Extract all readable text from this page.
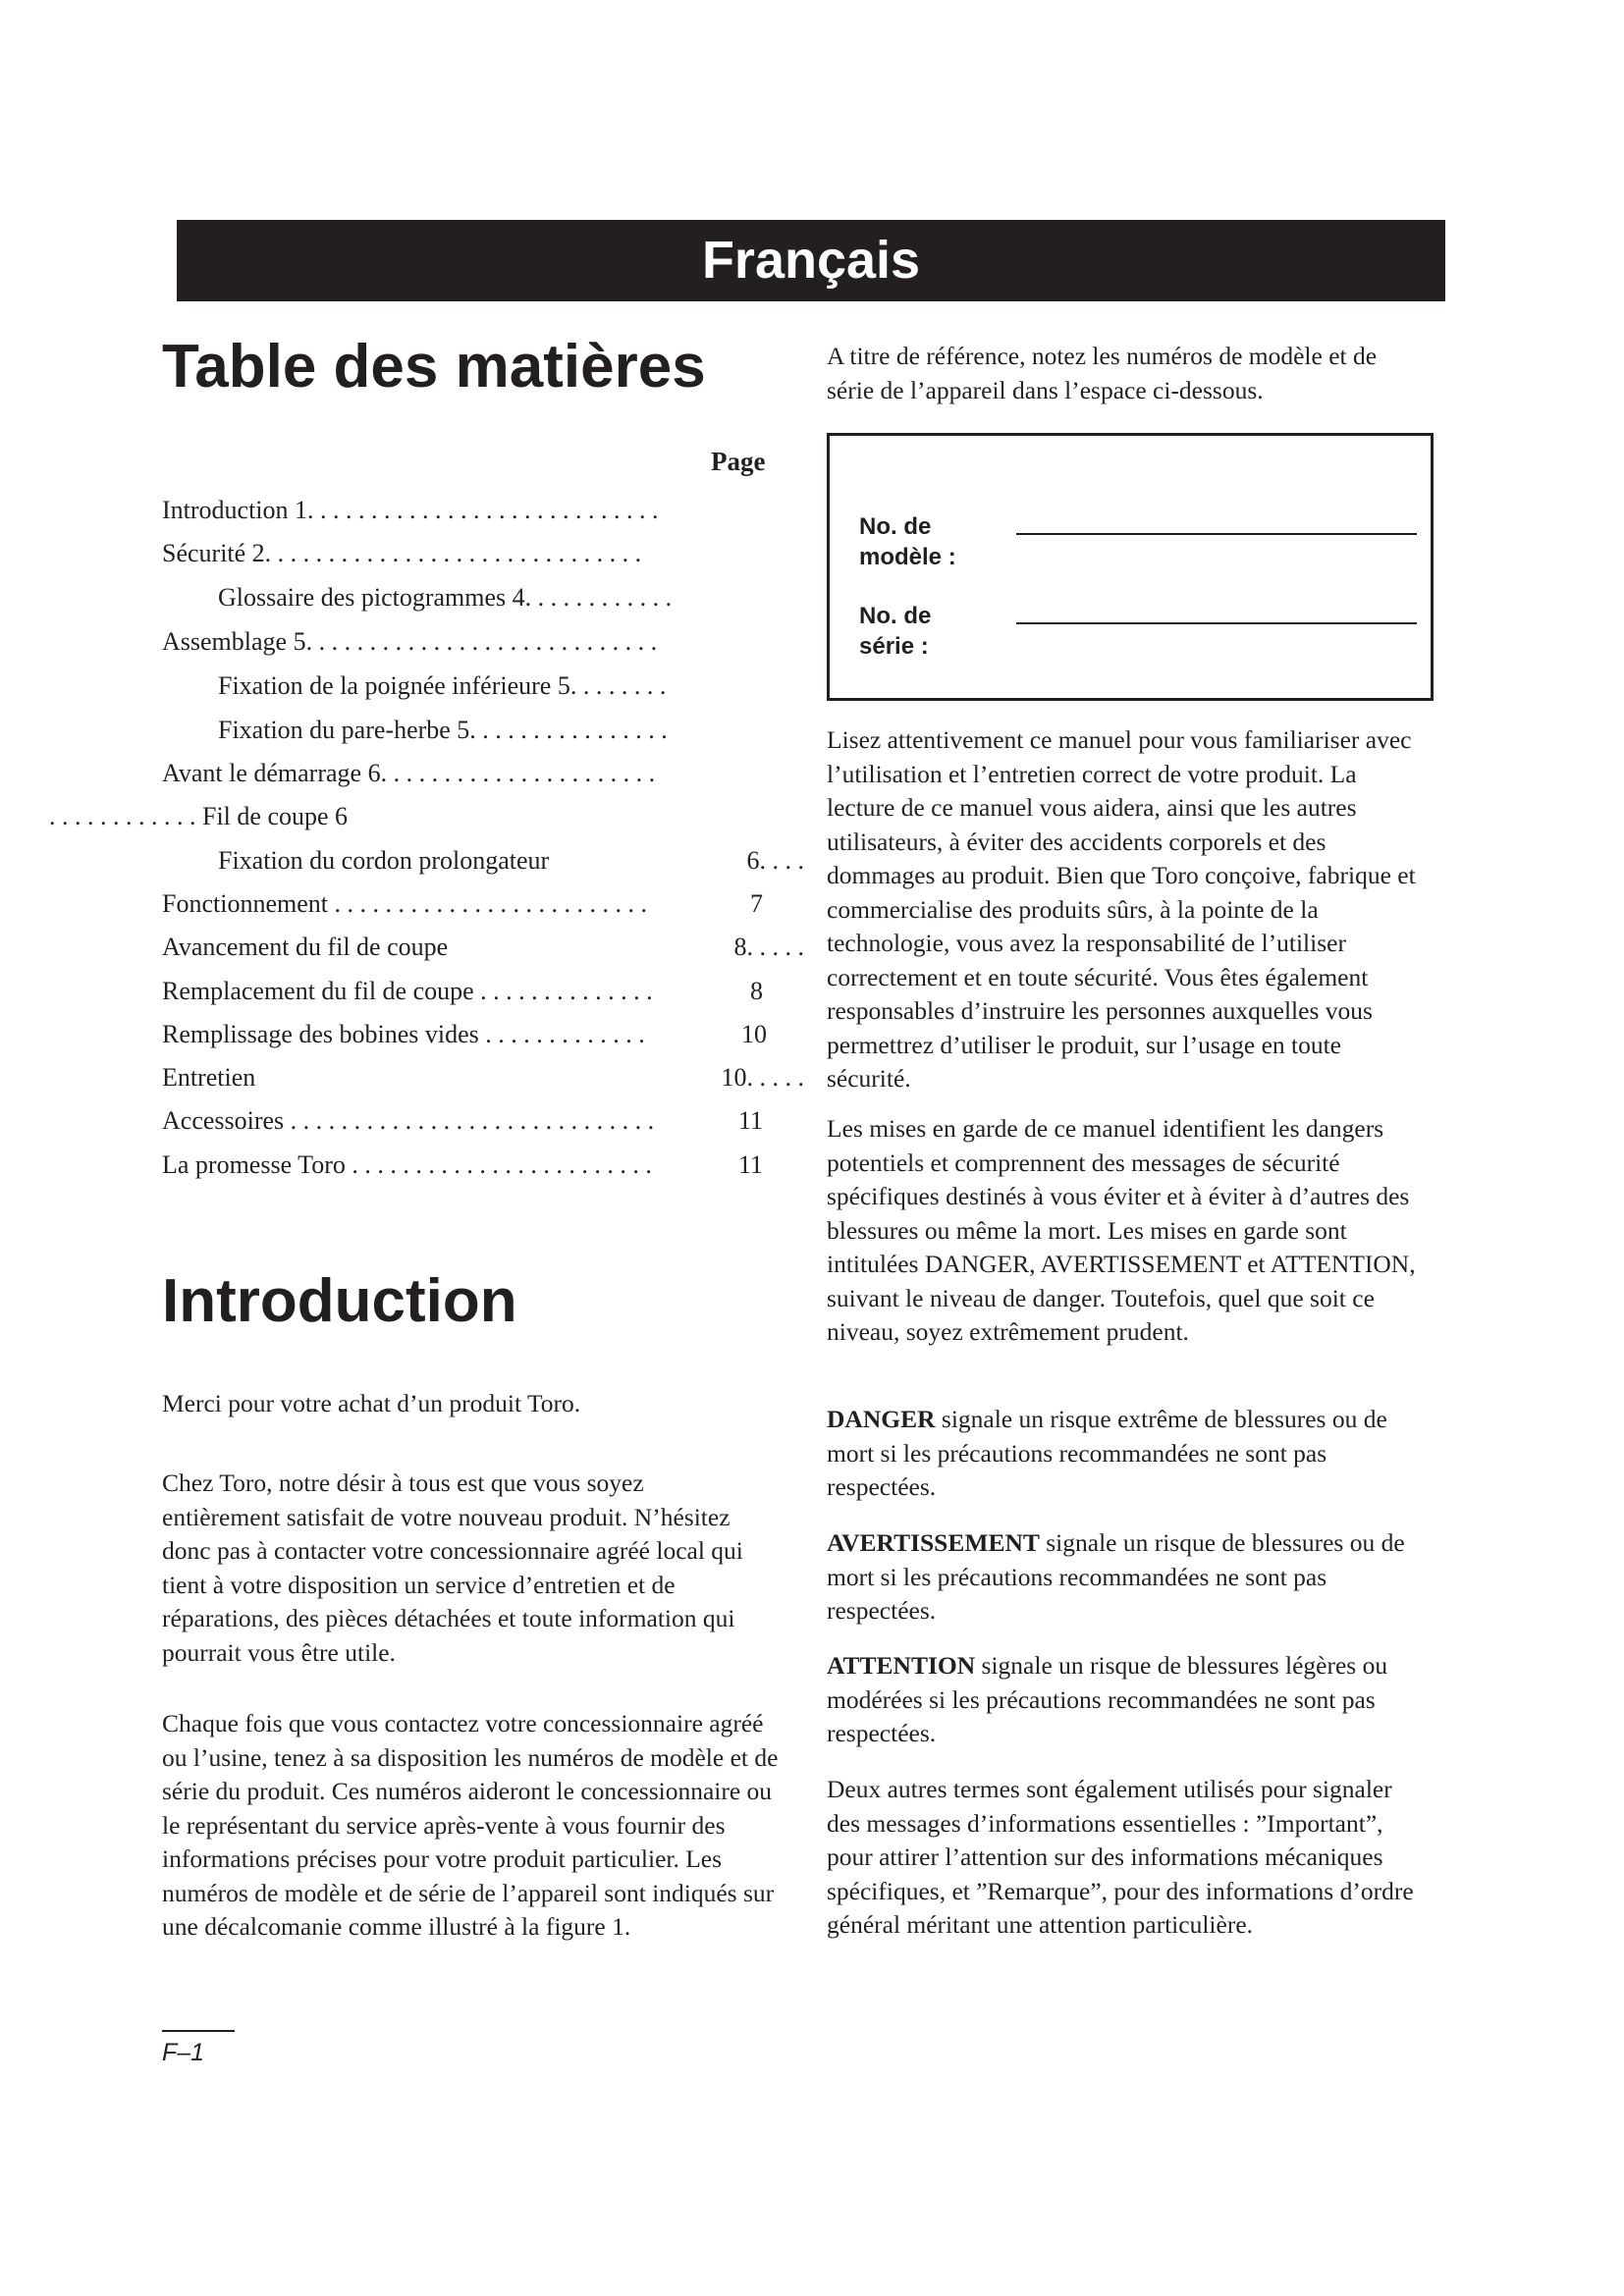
Français
Table des matières
Page
Introduction 1. . . . . . . . . . . . . . . . . . . . . . . . . . . .
Sécurité 2. . . . . . . . . . . . . . . . . . . . . . . . . . . . . .
Glossaire des pictogrammes 4. . . . . . . . . . . .
Assemblage 5. . . . . . . . . . . . . . . . . . . . . . . . . . . .
Fixation de la poignée inférieure 5. . . . . . . .
Fixation du pare-herbe 5. . . . . . . . . . . . . . . .
Avant le démarrage 6. . . . . . . . . . . . . . . . . . . . . .
. . . . . . . . . . . . Fil de coupe 6
Fixation du cordon prolongateur	6. . . .
Fonctionnement . . . . . . . . . . . . . . . . . . . . . . . . .	7
Avancement du fil de coupe	8. . . . .
Remplacement du fil de coupe . . . . . . . . . . . . . .	8
Remplissage des bobines vides . . . . . . . . . . . . .	10
Entretien	10. . . . .
Accessoires . . . . . . . . . . . . . . . . . . . . . . . . . . . . .	11
La promesse Toro . . . . . . . . . . . . . . . . . . . . . . . .	11
Introduction
Merci pour votre achat d’un produit Toro.
Chez Toro, notre désir à tous est que vous soyez entièrement satisfait de votre nouveau produit. N’hésitez donc pas à contacter votre concessionnaire agréé local qui tient à votre disposition un service d’entretien et de réparations, des pièces détachées et toute information qui pourrait vous être utile.
Chaque fois que vous contactez votre concessionnaire agréé ou l’usine, tenez à sa disposition les numéros de modèle et de série du produit. Ces numéros aideront le concessionnaire ou le représentant du service après-vente à vous fournir des informations précises pour votre produit particulier. Les numéros de modèle et de série de l’appareil sont indiqués sur une décalcomanie comme illustré à la figure 1.
A titre de référence, notez les numéros de modèle et de série de l’appareil dans l’espace ci-dessous.
No. de modèle :
No. de série :
Lisez attentivement ce manuel pour vous familiariser avec l’utilisation et l’entretien correct de votre produit. La lecture de ce manuel vous aidera, ainsi que les autres utilisateurs, à éviter des accidents corporels et des dommages au produit. Bien que Toro conçoive, fabrique et commercialise des produits sûrs, à la pointe de la technologie, vous avez la responsabilité de l’utiliser correctement et en toute sécurité. Vous êtes également responsables d’instruire les personnes auxquelles vous permettrez d’utiliser le produit, sur l’usage en toute sécurité.
Les mises en garde de ce manuel identifient les dangers potentiels et comprennent des messages de sécurité spécifiques destinés à vous éviter et à éviter à d’autres des blessures ou même la mort. Les mises en garde sont intitulées DANGER, AVERTISSEMENT et ATTENTION, suivant le niveau de danger. Toutefois, quel que soit ce niveau, soyez extrêmement prudent.
DANGER signale un risque extrême de blessures ou de mort si les précautions recommandées ne sont pas respectées.
AVERTISSEMENT signale un risque de blessures ou de mort si les précautions recommandées ne sont pas respectées.
ATTENTION signale un risque de blessures légères ou modérées si les précautions recommandées ne sont pas respectées.
Deux autres termes sont également utilisés pour signaler des messages d’informations essentielles : ”Important”, pour attirer l’attention sur des informations mécaniques spécifiques, et ”Remarque”, pour des informations d’ordre général méritant une attention particulière.
F–1
